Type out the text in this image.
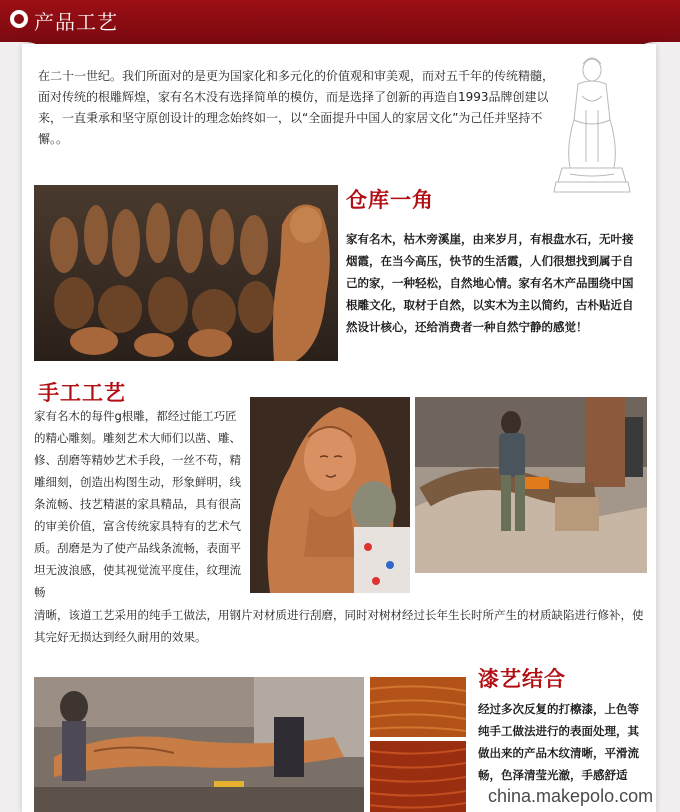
产品工艺
在二十一世纪。我们所面对的是更为国家化和多元化的价值观和审美观，而对五千年的传统精髓，面对传统的根雕辉煌，家有名木没有选择简单的模仿，而是选择了创新的再造自1993品牌创建以来，一直秉承和坚守原创设计的理念始终如一，以“全面提升中国人的家居文化”为己任并坚持不懈。。
仓库一角
家有名木，枯木旁溪崖，由来岁月，有根盘水石，无叶接烟霞，在当今高压，快节的生活霞，人们很想找到属于自己的家，一种轻松，自然地心情。家有名木产品围绕中国根雕文化，取材于自然，以实木为主以简约，古朴贴近自然设计核心，还给消费者一种自然宁静的感觉！
手工工艺
家有名木的每件g根雕，都经过能工巧匠的精心雕刻。雕刻艺术大师们以凿、雕、修、刮磨等精妙艺术手段，一丝不苟，精雕细刻，创造出构图生动，形象鲜明，线条流畅、技艺精湛的家具精品，具有很高的审美价值，富含传统家具特有的艺术气质。刮磨是为了使产品线条流畅，表面平坦无波浪感，使其视觉流平度佳，纹理流畅
清晰，该道工艺采用的纯手工做法，用钢片对材质进行刮磨，同时对树材经过长年生长时所产生的材质缺陷进行修补，使其完好无损达到经久耐用的效果。
漆艺结合
经过多次反复的打檫漆，上色等纯手工做法进行的表面处理，其做出来的产品木纹清晰，平滑流畅，色泽清莹光澈，手感舒适
china.makepolo.com
